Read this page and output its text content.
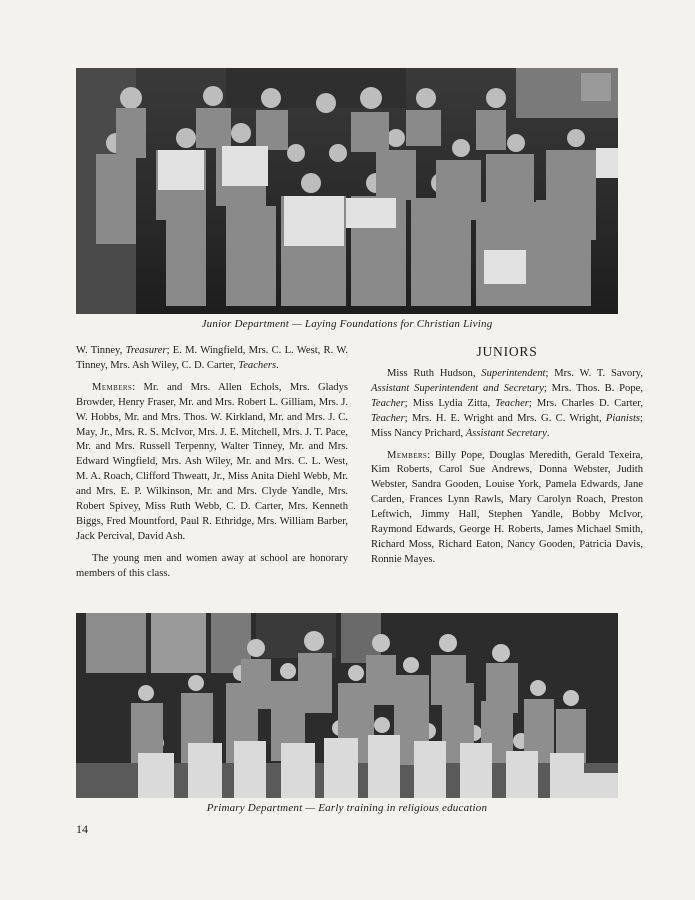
Junior Department — Laying Foundations for Christian Living

W. Tinney, Treasurer; E. M. Wingfield, Mrs. C. L. West, R. W. Tinney, Mrs. Ash Wiley, C. D. Carter, Teachers.

Members: Mr. and Mrs. Allen Echols, Mrs. Gladys Browder, Henry Fraser, Mr. and Mrs. Robert L. Gilliam, Mrs. J. W. Hobbs, Mr. and Mrs. Thos. W. Kirkland, Mr. and Mrs. J. C. May, Jr., Mrs. R. S. McIvor, Mrs. J. E. Mitchell, Mrs. J. T. Pace, Mr. and Mrs. Russell Terpenny, Walter Tinney, Mr. and Mrs. Edward Wingfield, Mrs. Ash Wiley, Mr. and Mrs. C. L. West, M. A. Roach, Clifford Thweatt, Jr., Miss Anita Diehl Webb, Mr. and Mrs. E. P. Wilkinson, Mr. and Mrs. Clyde Yandle, Mrs. Robert Spivey, Miss Ruth Webb, C. D. Carter, Mrs. Kenneth Biggs, Fred Mountford, Paul R. Ethridge, Mrs. William Barber, Jack Percival, David Ash.

The young men and women away at school are honorary members of this class.

JUNIORS

Miss Ruth Hudson, Superintendent; Mrs. W. T. Savory, Assistant Superintendent and Secretary; Mrs. Thos. B. Pope, Teacher; Miss Lydia Zitta, Teacher; Mrs. Charles D. Carter, Teacher; Mrs. H. E. Wright and Mrs. G. C. Wright, Pianists; Miss Nancy Prichard, Assistant Secretary.

Members: Billy Pope, Douglas Meredith, Gerald Texeira, Kim Roberts, Carol Sue Andrews, Donna Webster, Judith Webster, Sandra Gooden, Louise York, Pamela Edwards, Jane Carden, Frances Lynn Rawls, Mary Carolyn Roach, Preston Leftwich, Jimmy Hall, Stephen Yandle, Bobby McIvor, Raymond Edwards, George H. Roberts, James Michael Smith, Richard Moss, Richard Eaton, Nancy Gooden, Patricia Davis, Ronnie Mayes.

Primary Department — Early training in religious education
14
